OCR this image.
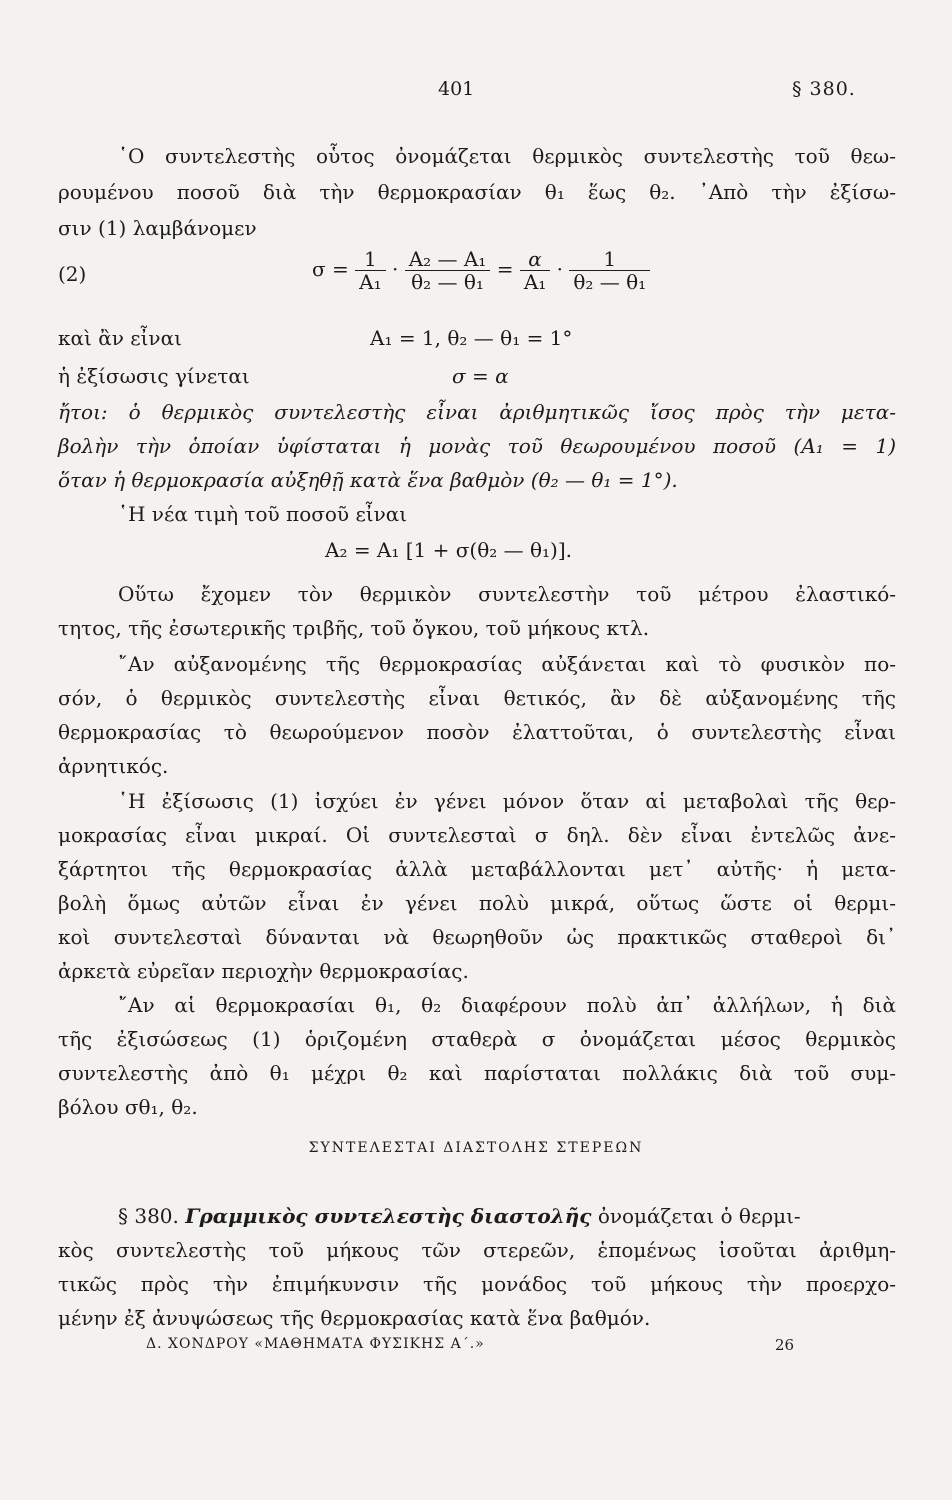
401	§ 380.
῾Ο συντελεστὴς οὗτος ὀνομάζεται θερμικὸς συντελεστὴς τοῦ θεω-
ρουμένου ποσοῦ διὰ τὴν θερμοκρασίαν θ₁ ἕως θ₂. ᾿Απὸ τὴν ἐξίσω-
σιν (1) λαμβάνομεν
(2)	$\sigma = \frac{1}{\text{A₁}} \cdot \frac{\text{A₂ — A₁}}{\text{θ₂ — θ₁}} = \frac{\alpha}{\text{A₁}} \cdot \frac{1}{\text{θ₂ — θ₁}}$
καὶ ἂν εἶναι	A₁ = 1, θ₂ — θ₁ = 1°
ἡ ἐξίσωσις γίνεται	σ = α
ἤτοι: ὁ θερμικὸς συντελεστὴς εἶναι ἀριθμητικῶς ἴσος πρὸς τὴν μετα-
βολὴν τὴν ὁποίαν ὑφίσταται ἡ μονὰς τοῦ θεωρουμένου ποσοῦ (A₁ = 1)
ὅταν ἡ θερμοκρασία αὐξηθῇ κατὰ ἕνα βαθμὸν (θ₂ — θ₁ = 1°).
῾Η νέα τιμὴ τοῦ ποσοῦ εἶναι
A₂ = A₁ [1 + σ(θ₂ — θ₁)].
Οὕτω ἔχομεν τὸν θερμικὸν συντελεστὴν τοῦ μέτρου ἐλαστικό-
τητος, τῆς ἐσωτερικῆς τριβῆς, τοῦ ὄγκου, τοῦ μήκους κτλ.
῎Αν αὐξανομένης τῆς θερμοκρασίας αὐξάνεται καὶ τὸ φυσικὸν πο-
σόν, ὁ θερμικὸς συντελεστὴς εἶναι θετικός, ἂν δὲ αὐξανομένης τῆς
θερμοκρασίας τὸ θεωρούμενον ποσὸν ἐλαττοῦται, ὁ συντελεστὴς εἶναι
ἀρνητικός.
῾Η ἐξίσωσις (1) ἰσχύει ἐν γένει μόνον ὅταν αἱ μεταβολαὶ τῆς θερ-
μοκρασίας εἶναι μικραί. Οἱ συντελεσταὶ σ δηλ. δὲν εἶναι ἐντελῶς ἀνε-
ξάρτητοι τῆς θερμοκρασίας ἀλλὰ μεταβάλλονται μετ᾿ αὐτῆς· ἡ μετα-
βολὴ ὅμως αὐτῶν εἶναι ἐν γένει πολὺ μικρά, οὕτως ὥστε οἱ θερμι-
κοὶ συντελεσταὶ δύνανται νὰ θεωρηθοῦν ὡς πρακτικῶς σταθεροὶ δι᾿
ἀρκετὰ εὐρεῖαν περιοχὴν θερμοκρασίας.
῎Αν αἱ θερμοκρασίαι θ₁, θ₂ διαφέρουν πολὺ ἀπ᾿ ἀλλήλων, ἡ διὰ
τῆς ἐξισώσεως (1) ὁριζομένη σταθερὰ σ ὀνομάζεται μέσος θερμικὸς
συντελεστὴς ἀπὸ θ₁ μέχρι θ₂ καὶ παρίσταται πολλάκις διὰ τοῦ συμ-
βόλου σθ₁, θ₂.
ΣΥΝΤΕΛΕΣΤΑΙ ΔΙΑΣΤΟΛΗΣ ΣΤΕΡΕΩΝ
§ 380. Γραμμικὸς συντελεστὴς διαστολῆς ὀνομάζεται ὁ θερμι-
κὸς συντελεστὴς τοῦ μήκους τῶν στερεῶν, ἑπομένως ἰσοῦται ἀριθμη-
τικῶς πρὸς τὴν ἐπιμήκυνσιν τῆς μονάδος τοῦ μήκους τὴν προερχο-
μένην ἐξ ἀνυψώσεως τῆς θερμοκρασίας κατὰ ἕνα βαθμόν.
Δ. ΧΟΝΔΡΟΥ «ΜΑΘΗΜΑΤΑ ΦΥΣΙΚΗΣ Α΄.»	26
